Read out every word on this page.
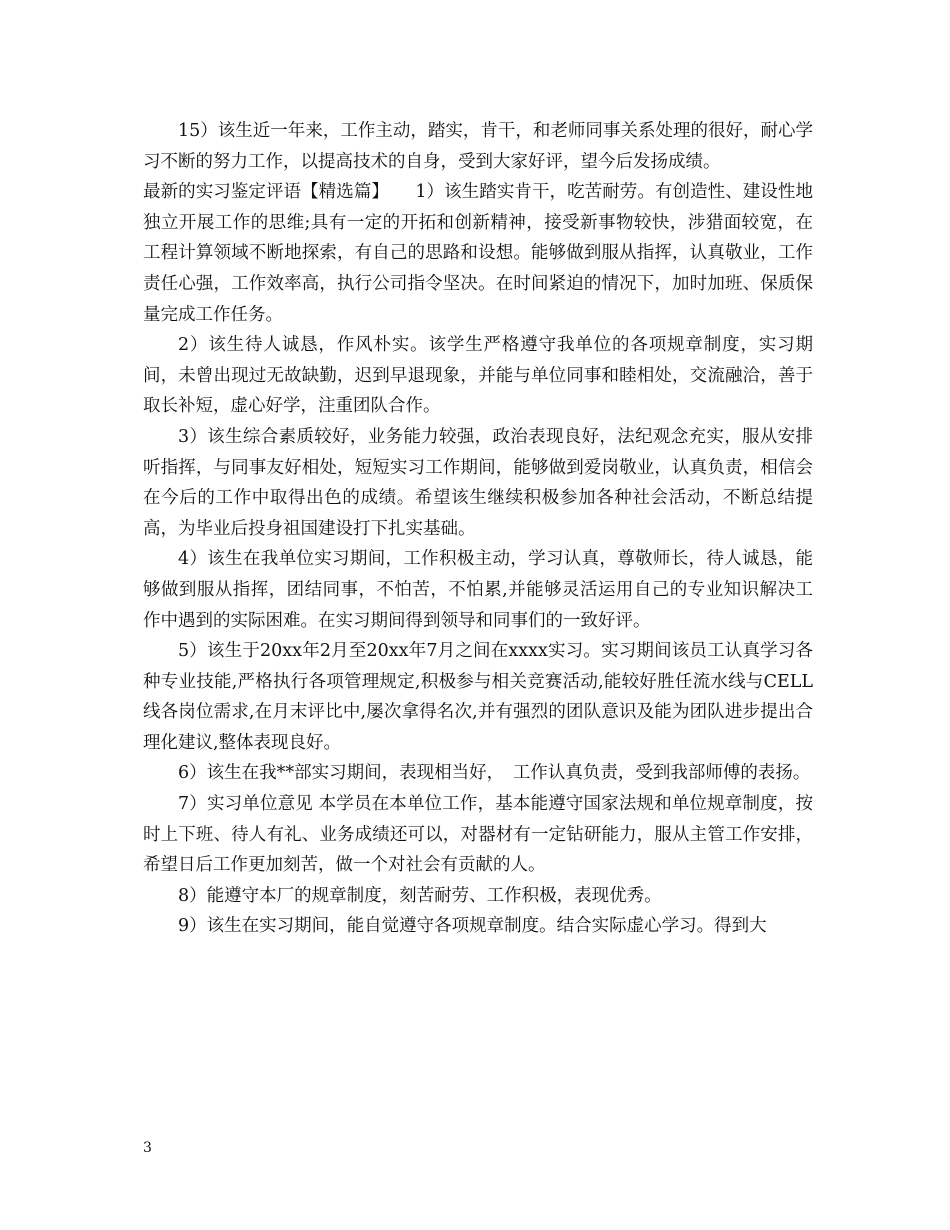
15）该生近一年来，工作主动，踏实，肯干，和老师同事关系处理的很好，耐心学习不断的努力工作，以提高技术的自身，受到大家好评，望今后发扬成绩。

最新的实习鉴定评语【精选篇】　　1）该生踏实肯干，吃苦耐劳。有创造性、建设性地独立开展工作的思维;具有一定的开拓和创新精神，接受新事物较快，涉猎面较宽，在工程计算领域不断地探索，有自己的思路和设想。能够做到服从指挥，认真敬业，工作责任心强，工作效率高，执行公司指令坚决。在时间紧迫的情况下，加时加班、保质保量完成工作任务。

2）该生待人诚恳，作风朴实。该学生严格遵守我单位的各项规章制度，实习期间，未曾出现过无故缺勤，迟到早退现象，并能与单位同事和睦相处，交流融洽，善于取长补短，虚心好学，注重团队合作。

3）该生综合素质较好，业务能力较强，政治表现良好，法纪观念充实，服从安排听指挥，与同事友好相处，短短实习工作期间，能够做到爱岗敬业，认真负责，相信会在今后的工作中取得出色的成绩。希望该生继续积极参加各种社会活动，不断总结提高，为毕业后投身祖国建设打下扎实基础。

4）该生在我单位实习期间，工作积极主动，学习认真，尊敬师长，待人诚恳，能够做到服从指挥，团结同事，不怕苦，不怕累,并能够灵活运用自己的专业知识解决工作中遇到的实际困难。在实习期间得到领导和同事们的一致好评。

5）该生于20xx年2月至20xx年7月之间在xxxx实习。实习期间该员工认真学习各种专业技能,严格执行各项管理规定,积极参与相关竞赛活动,能较好胜任流水线与CELL线各岗位需求,在月末评比中,屡次拿得名次,并有强烈的团队意识及能为团队进步提出合理化建议,整体表现良好。

6）该生在我**部实习期间，表现相当好，　工作认真负责，受到我部师傅的表扬。

7）实习单位意见 本学员在本单位工作，基本能遵守国家法规和单位规章制度，按时上下班、待人有礼、业务成绩还可以，对器材有一定钻研能力，服从主管工作安排，希望日后工作更加刻苦，做一个对社会有贡献的人。

8）能遵守本厂的规章制度，刻苦耐劳、工作积极，表现优秀。

9）该生在实习期间，能自觉遵守各项规章制度。结合实际虚心学习。得到大

3
